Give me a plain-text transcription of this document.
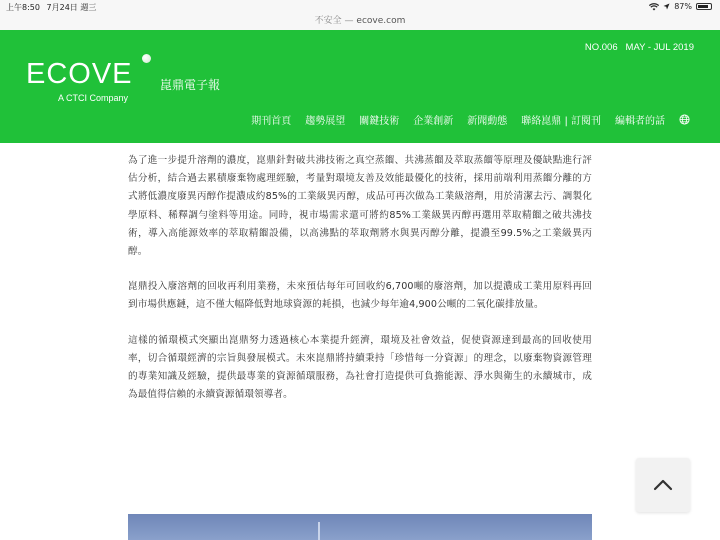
上午8:50 7月24日 週三	87%
不安全 — ecove.com
ECOVE
A CTCI Company
崑鼎電子報
NO.006   MAY - JUL 2019
期刊首頁 趨勢展望 關鍵技術 企業創新 新聞動態 聯絡崑鼎 | 訂閱刊 編輯者的話

為了進一步提升溶劑的濃度，崑鼎針對破共沸技術之真空蒸餾、共沸蒸餾及萃取蒸餾等原理及優缺點進行評估分析，結合過去累積廢棄物處理經驗，考量對環境友善及效能最優化的技術，採用前端利用蒸餾分離的方式將低濃度廢異丙醇作提濃成約85%的工業級異丙醇，成品可再次做為工業級溶劑，用於清潔去污、調製化學原料、稀釋調勻塗料等用途。同時，視市場需求還可將約85%工業級異丙醇再選用萃取精餾之破共沸技術，導入高能源效率的萃取精餾設備，以高沸點的萃取劑將水與異丙醇分離，提濃至99.5%之工業級異丙醇。

崑鼎投入廢溶劑的回收再利用業務，未來預估每年可回收約6,700噸的廢溶劑，加以提濃成工業用原料再回到市場供應鏈，這不僅大幅降低對地球資源的耗損，也減少每年逾4,900公噸的二氧化碳排放量。

這樣的循環模式突顯出崑鼎努力透過核心本業提升經濟，環境及社會效益，促使資源達到最高的回收使用率，切合循環經濟的宗旨與發展模式。未來崑鼎將持續秉持「珍惜每一分資源」的理念，以廢棄物資源管理的專業知識及經驗，提供最專業的資源循環服務，為社會打造提供可負擔能源、淨水與衛生的永續城市，成為最值得信賴的永續資源循環領導者。
